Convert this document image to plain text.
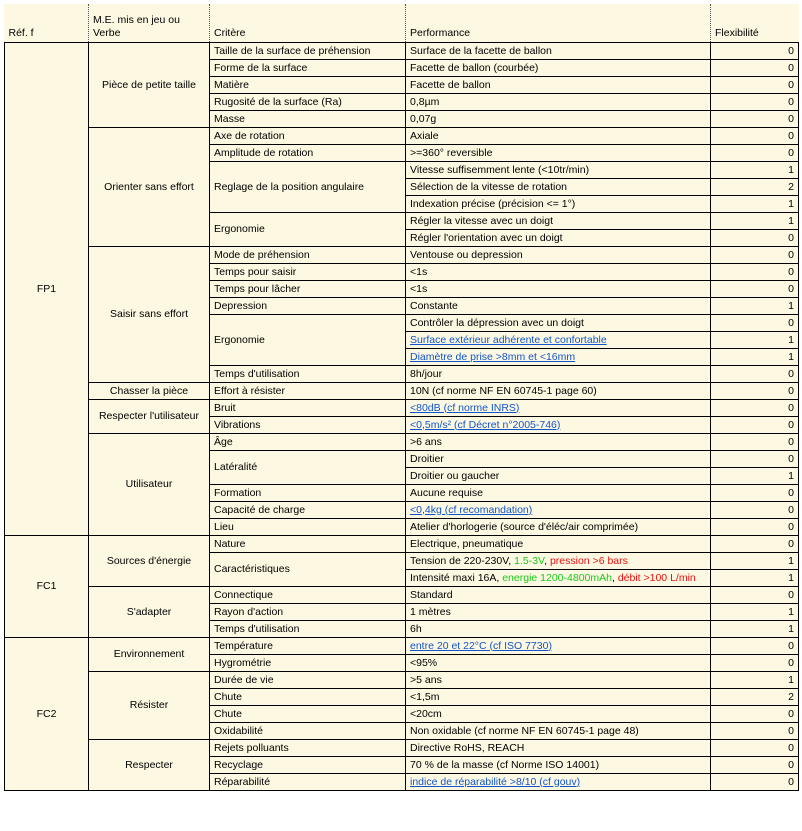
Réf. f	M.E. mis en jeu ou Verbe	Critère	Performance	Flexibilité
FP1	Pièce de petite taille	Taille de la surface de préhension	Surface de la facette de ballon	0
		Forme de la surface	Facette de ballon (courbée)	0
		Matière	Facette de ballon	0
		Rugosité de la surface (Ra)	0,8µm	0
		Masse	0,07g	0
	Orienter sans effort	Axe de rotation	Axiale	0
		Amplitude de rotation	>=360° reversible	0
		Reglage de la position angulaire	Vitesse suffisemment lente (<10tr/min)	1
			Sélection de la vitesse de rotation	2
			Indexation précise (précision <= 1°)	1
		Ergonomie	Régler la vitesse avec un doigt	1
			Régler l'orientation avec un doigt	0
	Saisir sans effort	Mode de préhension	Ventouse ou depression	0
		Temps pour saisir	<1s	0
		Temps pour lâcher	<1s	0
		Depression	Constante	1
		Ergonomie	Contrôler la dépression avec un doigt	0
			Surface extérieur adhérente et confortable	1
			Diamètre de prise >8mm et <16mm	1
		Temps d'utilisation	8h/jour	0
	Chasser la pièce	Effort à résister	10N (cf norme NF EN 60745-1 page 60)	0
	Respecter l'utilisateur	Bruit	<80dB (cf norme INRS)	0
		Vibrations	<0,5m/s² (cf Décret n°2005-746)	0
	Utilisateur	Âge	>6 ans	0
		Latéralité	Droitier	0
			Droitier ou gaucher	1
		Formation	Aucune requise	0
		Capacité de charge	<0,4kg (cf recomandation)	0
		Lieu	Atelier d'horlogerie (source d'éléc/air comprimée)	0
FC1	Sources d'énergie	Nature	Electrique, pneumatique	0
		Caractéristiques	Tension de 220-230V, 1.5-3V, pression >6 bars	1
			Intensité maxi 16A, energie 1200-4800mAh, débit >100 L/min	1
	S'adapter	Connectique	Standard	0
		Rayon d'action	1 mètres	1
		Temps d'utilisation	6h	1
FC2	Environnement	Température	entre 20 et 22°C (cf ISO 7730)	0
		Hygrométrie	<95%	0
	Résister	Durée de vie	>5 ans	1
		Chute	<1,5m	2
		Chute	<20cm	0
		Oxidabilité	Non oxidable (cf norme NF EN 60745-1 page 48)	0
	Respecter	Rejets polluants	Directive RoHS, REACH	0
		Recyclage	70 % de la masse (cf Norme ISO 14001)	0
		Réparabilité	indice de réparabilité >8/10 (cf gouv)	0
